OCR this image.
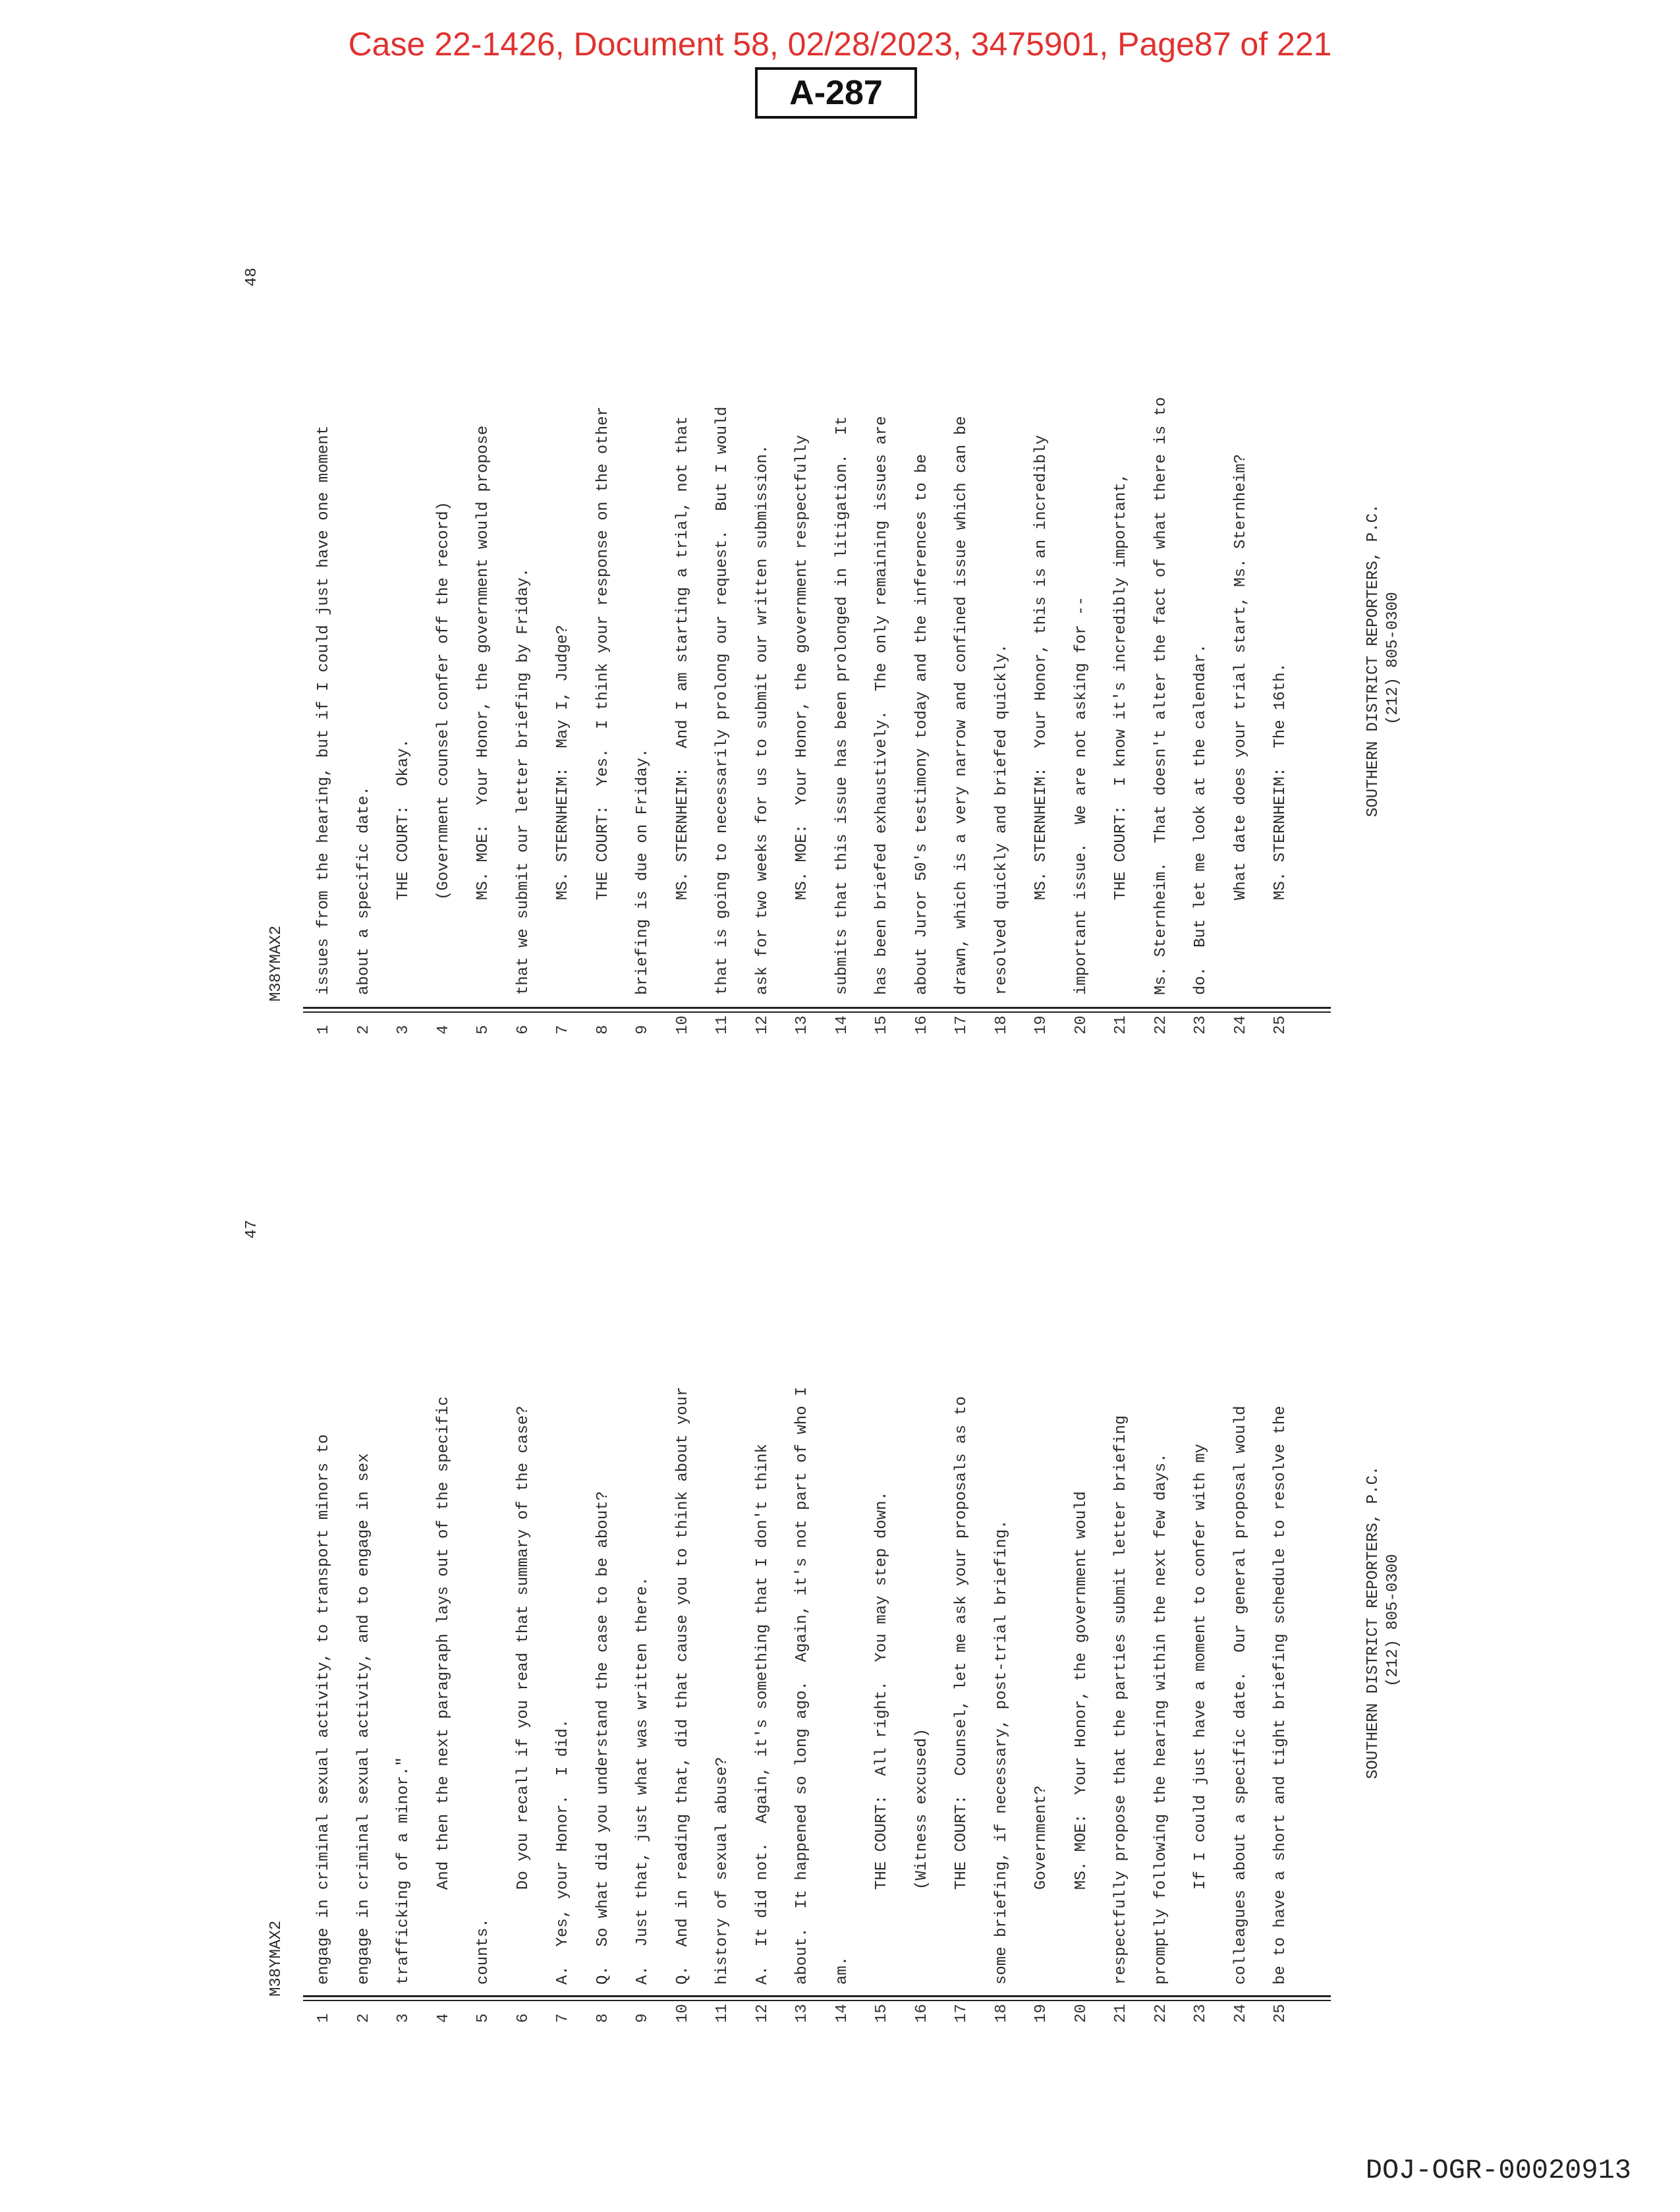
Case 22-1426, Document 58, 02/28/2023, 3475901, Page87 of 221
A-287
engage in criminal sexual activity, to transport minors to
1
engage in criminal sexual activity, and to engage in sex
2
trafficking of a minor."
3
And then the next paragraph lays out of the specific
4
counts.
5
Do you recall if you read that summary of the case?
6
A.  Yes, your Honor.  I did.
7
Q.  So what did you understand the case to be about?
8
A.  Just that, just what was written there.
9
Q.  And in reading that, did that cause you to think about your
10
history of sexual abuse?
11
A.  It did not.  Again, it's something that I don't think
12
about.  It happened so long ago.  Again, it's not part of who I
13
am.
14
THE COURT:  All right.  You may step down.
15
(Witness excused)
16
THE COURT:  Counsel, let me ask your proposals as to
17
some briefing, if necessary, post-trial briefing.
18
Government?
19
MS. MOE:  Your Honor, the government would
20
respectfully propose that the parties submit letter briefing
21
promptly following the hearing within the next few days.
22
If I could just have a moment to confer with my
23
colleagues about a specific date.  Our general proposal would
24
be to have a short and tight briefing schedule to resolve the
25
M38YMAX2
47
SOUTHERN DISTRICT REPORTERS, P.C. (212) 805-0300
issues from the hearing, but if I could just have one moment
1
about a specific date.
2
THE COURT:  Okay.
3
(Government counsel confer off the record)
4
MS. MOE:  Your Honor, the government would propose
5
that we submit our letter briefing by Friday.
6
MS. STERNHEIM:  May I, Judge?
7
THE COURT:  Yes.  I think your response on the other
8
briefing is due on Friday.
9
MS. STERNHEIM:  And I am starting a trial, not that
10
that is going to necessarily prolong our request.  But I would
11
ask for two weeks for us to submit our written submission.
12
MS. MOE:  Your Honor, the government respectfully
13
submits that this issue has been prolonged in litigation.  It
14
has been briefed exhaustively.  The only remaining issues are
15
about Juror 50's testimony today and the inferences to be
16
drawn, which is a very narrow and confined issue which can be
17
resolved quickly and briefed quickly.
18
MS. STERNHEIM:  Your Honor, this is an incredibly
19
important issue.  We are not asking for --
20
THE COURT:  I know it's incredibly important,
21
Ms. Sternheim.  That doesn't alter the fact of what there is to
22
do.  But let me look at the calendar.
23
What date does your trial start, Ms. Sternheim?
24
MS. STERNHEIM:  The 16th.
25
M38YMAX2
48
SOUTHERN DISTRICT REPORTERS, P.C. (212) 805-0300
DOJ-OGR-00020913
